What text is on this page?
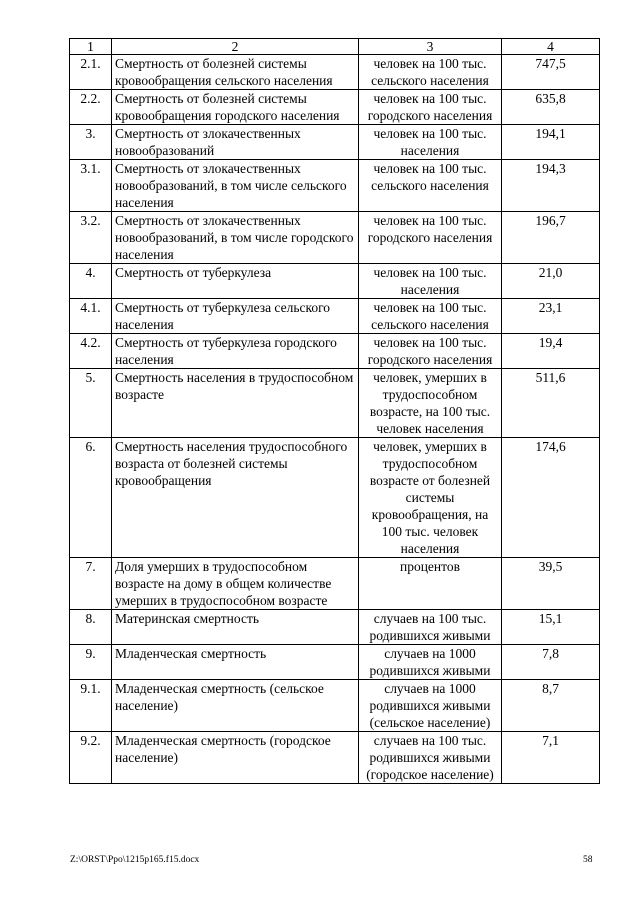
1	2	3	4
2.1.	Смертность от болезней системы кровообращения сельского населения	человек на 100 тыс. сельского населения	747,5
2.2.	Смертность от болезней системы кровообращения городского населения	человек на 100 тыс. городского населения	635,8
3.	Смертность от злокачественных новообразований	человек на 100 тыс. населения	194,1
3.1.	Смертность от злокачественных новообразований, в том числе сельского населения	человек на 100 тыс. сельского населения	194,3
3.2.	Смертность от злокачественных новообразований, в том числе городского населения	человек на 100 тыс. городского населения	196,7
4.	Смертность от туберкулеза	человек на 100 тыс. населения	21,0
4.1.	Смертность от туберкулеза сельского населения	человек на 100 тыс. сельского населения	23,1
4.2.	Смертность от туберкулеза городского населения	человек на 100 тыс. городского населения	19,4
5.	Смертность населения в трудоспособном возрасте	человек, умерших в трудоспособном возрасте, на 100 тыс. человек населения	511,6
6.	Смертность населения трудоспособного возраста от болезней системы кровообращения	человек, умерших в трудоспособном возрасте от болезней системы кровообращения, на 100 тыс. человек населения	174,6
7.	Доля умерших в трудоспособном возрасте на дому в общем количестве умерших в трудоспособном возрасте	процентов	39,5
8.	Материнская смертность	случаев на 100 тыс. родившихся живыми	15,1
9.	Младенческая смертность	случаев на 1000 родившихся живыми	7,8
9.1.	Младенческая смертность (сельское население)	случаев на 1000 родившихся живыми (сельское население)	8,7
9.2.	Младенческая смертность (городское население)	случаев на 100 тыс. родившихся живыми (городское население)	7,1
Z:\ORST\Ppo\1215p165.f15.docx	58
